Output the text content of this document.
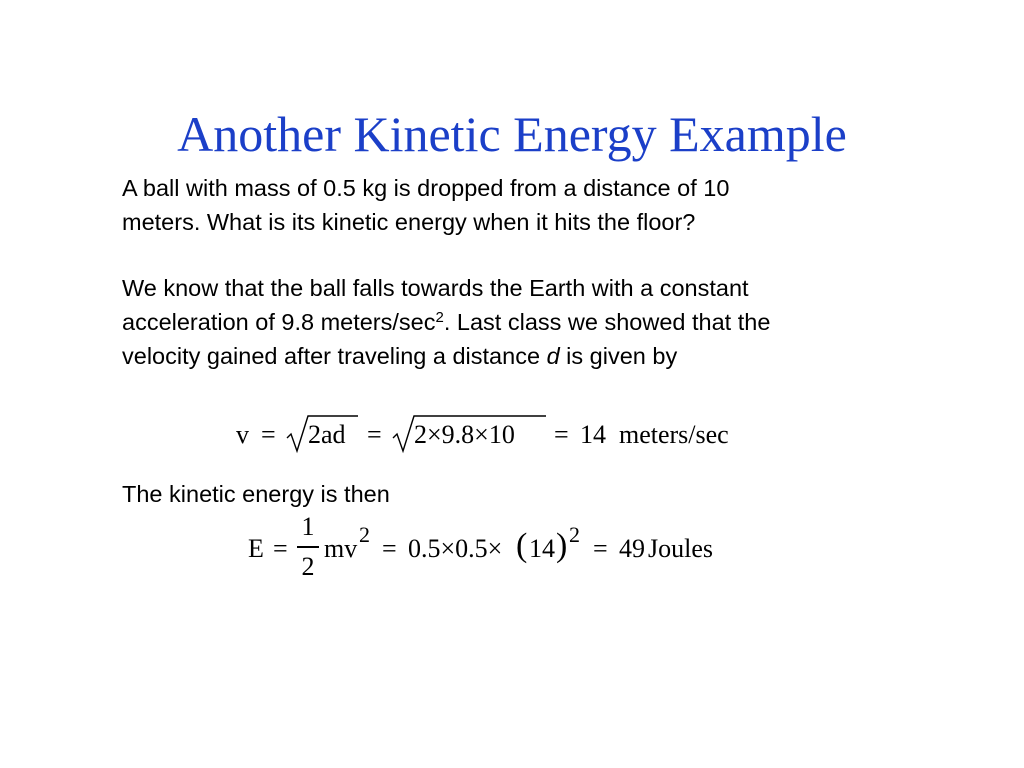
Another Kinetic Energy Example
A ball with mass of 0.5 kg is dropped from a distance of 10
meters. What is its kinetic energy when it hits the floor?
We know that the ball falls towards the Earth with a constant
acceleration of 9.8 meters/$\sec^2$. Last class we showed that the
velocity gained after traveling a distance d is given by
v = 2ad = 2×9.8×10 = 14 meters/sec
The kinetic energy is then
E =
1
2
mv 2 = 0.5×0.5× ( 14 ) 2 = 49 Joules
